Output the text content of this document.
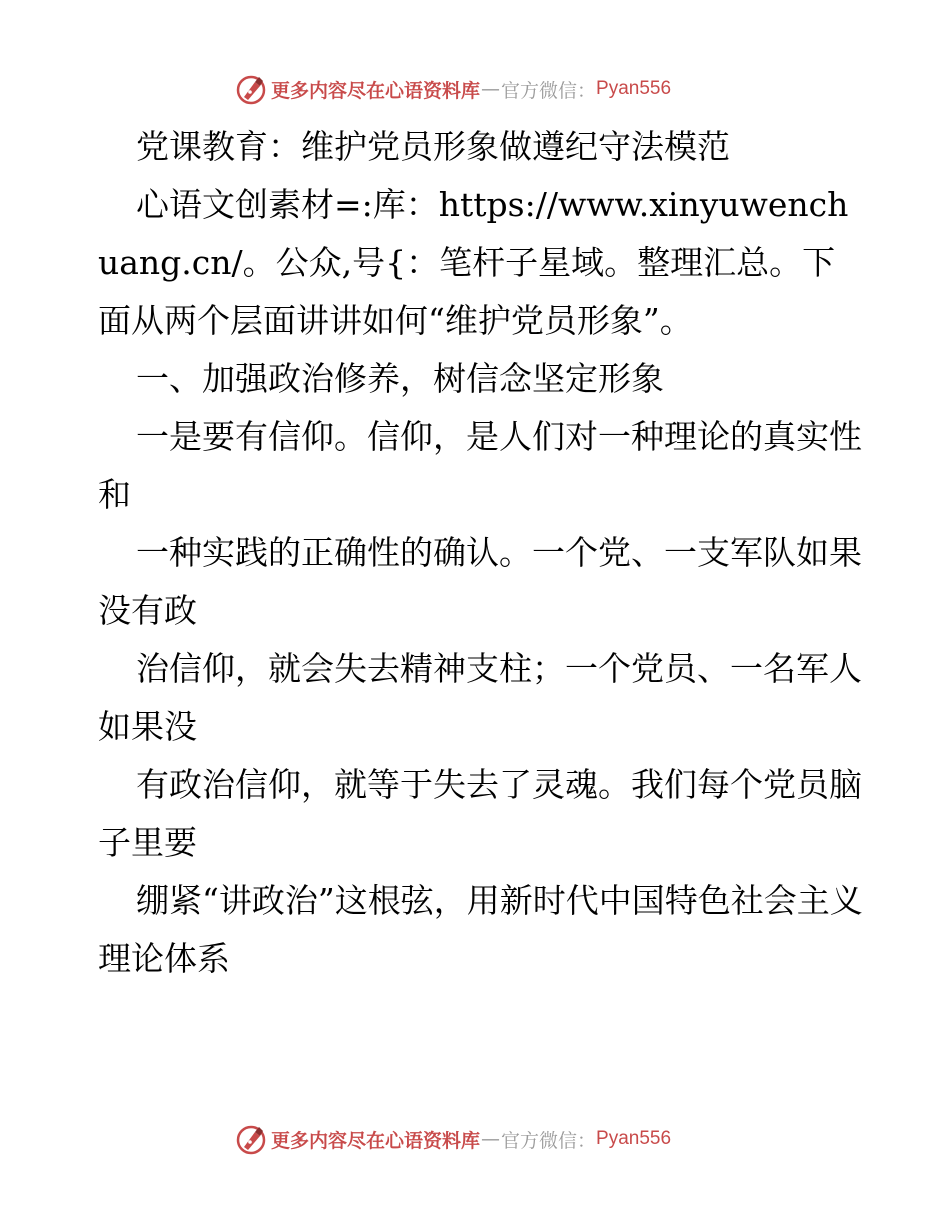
更多内容尽在心语资料库 — 官方微信： Pyan556

党课教育：维护党员形象做遵纪守法模范

心语文创素材=:库：https://www.xinyuwenchuang.cn/。公众,号{：笔杆子星域。整理汇总。下面从两个层面讲讲如何“维护党员形象”。

一、加强政治修养，树信念坚定形象

一是要有信仰。信仰，是人们对一种理论的真实性和

一种实践的正确性的确认。一个党、一支军队如果没有政

治信仰，就会失去精神支柱；一个党员、一名军人如果没

有政治信仰，就等于失去了灵魂。我们每个党员脑子里要

绷紧“讲政治”这根弦，用新时代中国特色社会主义理论体系

更多内容尽在心语资料库 — 官方微信： Pyan556
